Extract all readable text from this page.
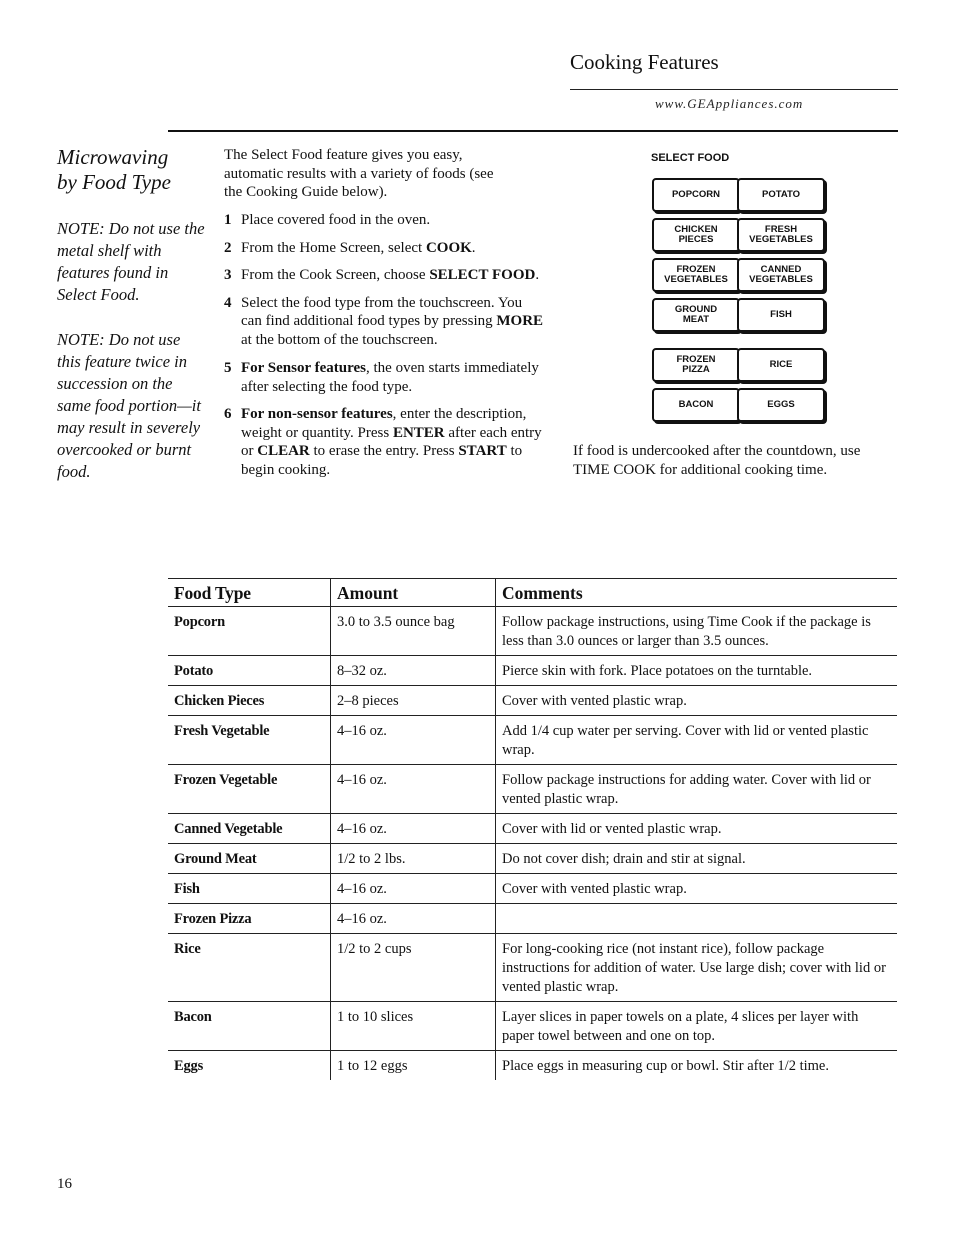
Cooking Features
www.GEAppliances.com
Microwaving
by Food Type
NOTE: Do not use the metal shelf with features found in Select Food.
NOTE: Do not use this feature twice in succession on the same food portion—it may result in severely overcooked or burnt food.
The Select Food feature gives you easy, automatic results with a variety of foods (see the Cooking Guide below).
1 Place covered food in the oven.
2 From the Home Screen, select COOK.
3 From the Cook Screen, choose SELECT FOOD.
4 Select the food type from the touchscreen. You can find additional food types by pressing MORE at the bottom of the touchscreen.
5 For Sensor features, the oven starts immediately after selecting the food type.
6 For non-sensor features, enter the description, weight or quantity. Press ENTER after each entry or CLEAR to erase the entry. Press START to begin cooking.
SELECT FOOD
POPCORN	POTATO
CHICKEN
PIECES
FRESH
VEGETABLES
FROZEN
VEGETABLES
CANNED
VEGETABLES
GROUND
MEAT	FISH
FROZEN
PIZZA	RICE
BACON	EGGS
If food is undercooked after the countdown, use TIME COOK for additional cooking time.
Food Type	Amount	Comments
Popcorn	3.0 to 3.5 ounce bag	Follow package instructions, using Time Cook if the package is less than 3.0 ounces or larger than 3.5 ounces.
Potato	8–32 oz.	Pierce skin with fork. Place potatoes on the turntable.
Chicken Pieces	2–8 pieces	Cover with vented plastic wrap.
Fresh Vegetable	4–16 oz.	Add 1/4 cup water per serving. Cover with lid or vented plastic wrap.
Frozen Vegetable	4–16 oz.	Follow package instructions for adding water. Cover with lid or vented plastic wrap.
Canned Vegetable	4–16 oz.	Cover with lid or vented plastic wrap.
Ground Meat	1/2 to 2 lbs.	Do not cover dish; drain and stir at signal.
Fish	4–16 oz.	Cover with vented plastic wrap.
Frozen Pizza	4–16 oz.	
Rice	1/2 to 2 cups	For long-cooking rice (not instant rice), follow package instructions for addition of water. Use large dish; cover with lid or vented plastic wrap.
Bacon	1 to 10 slices	Layer slices in paper towels on a plate, 4 slices per layer with paper towel between and one on top.
Eggs	1 to 12 eggs	Place eggs in measuring cup or bowl. Stir after 1/2 time.
16
